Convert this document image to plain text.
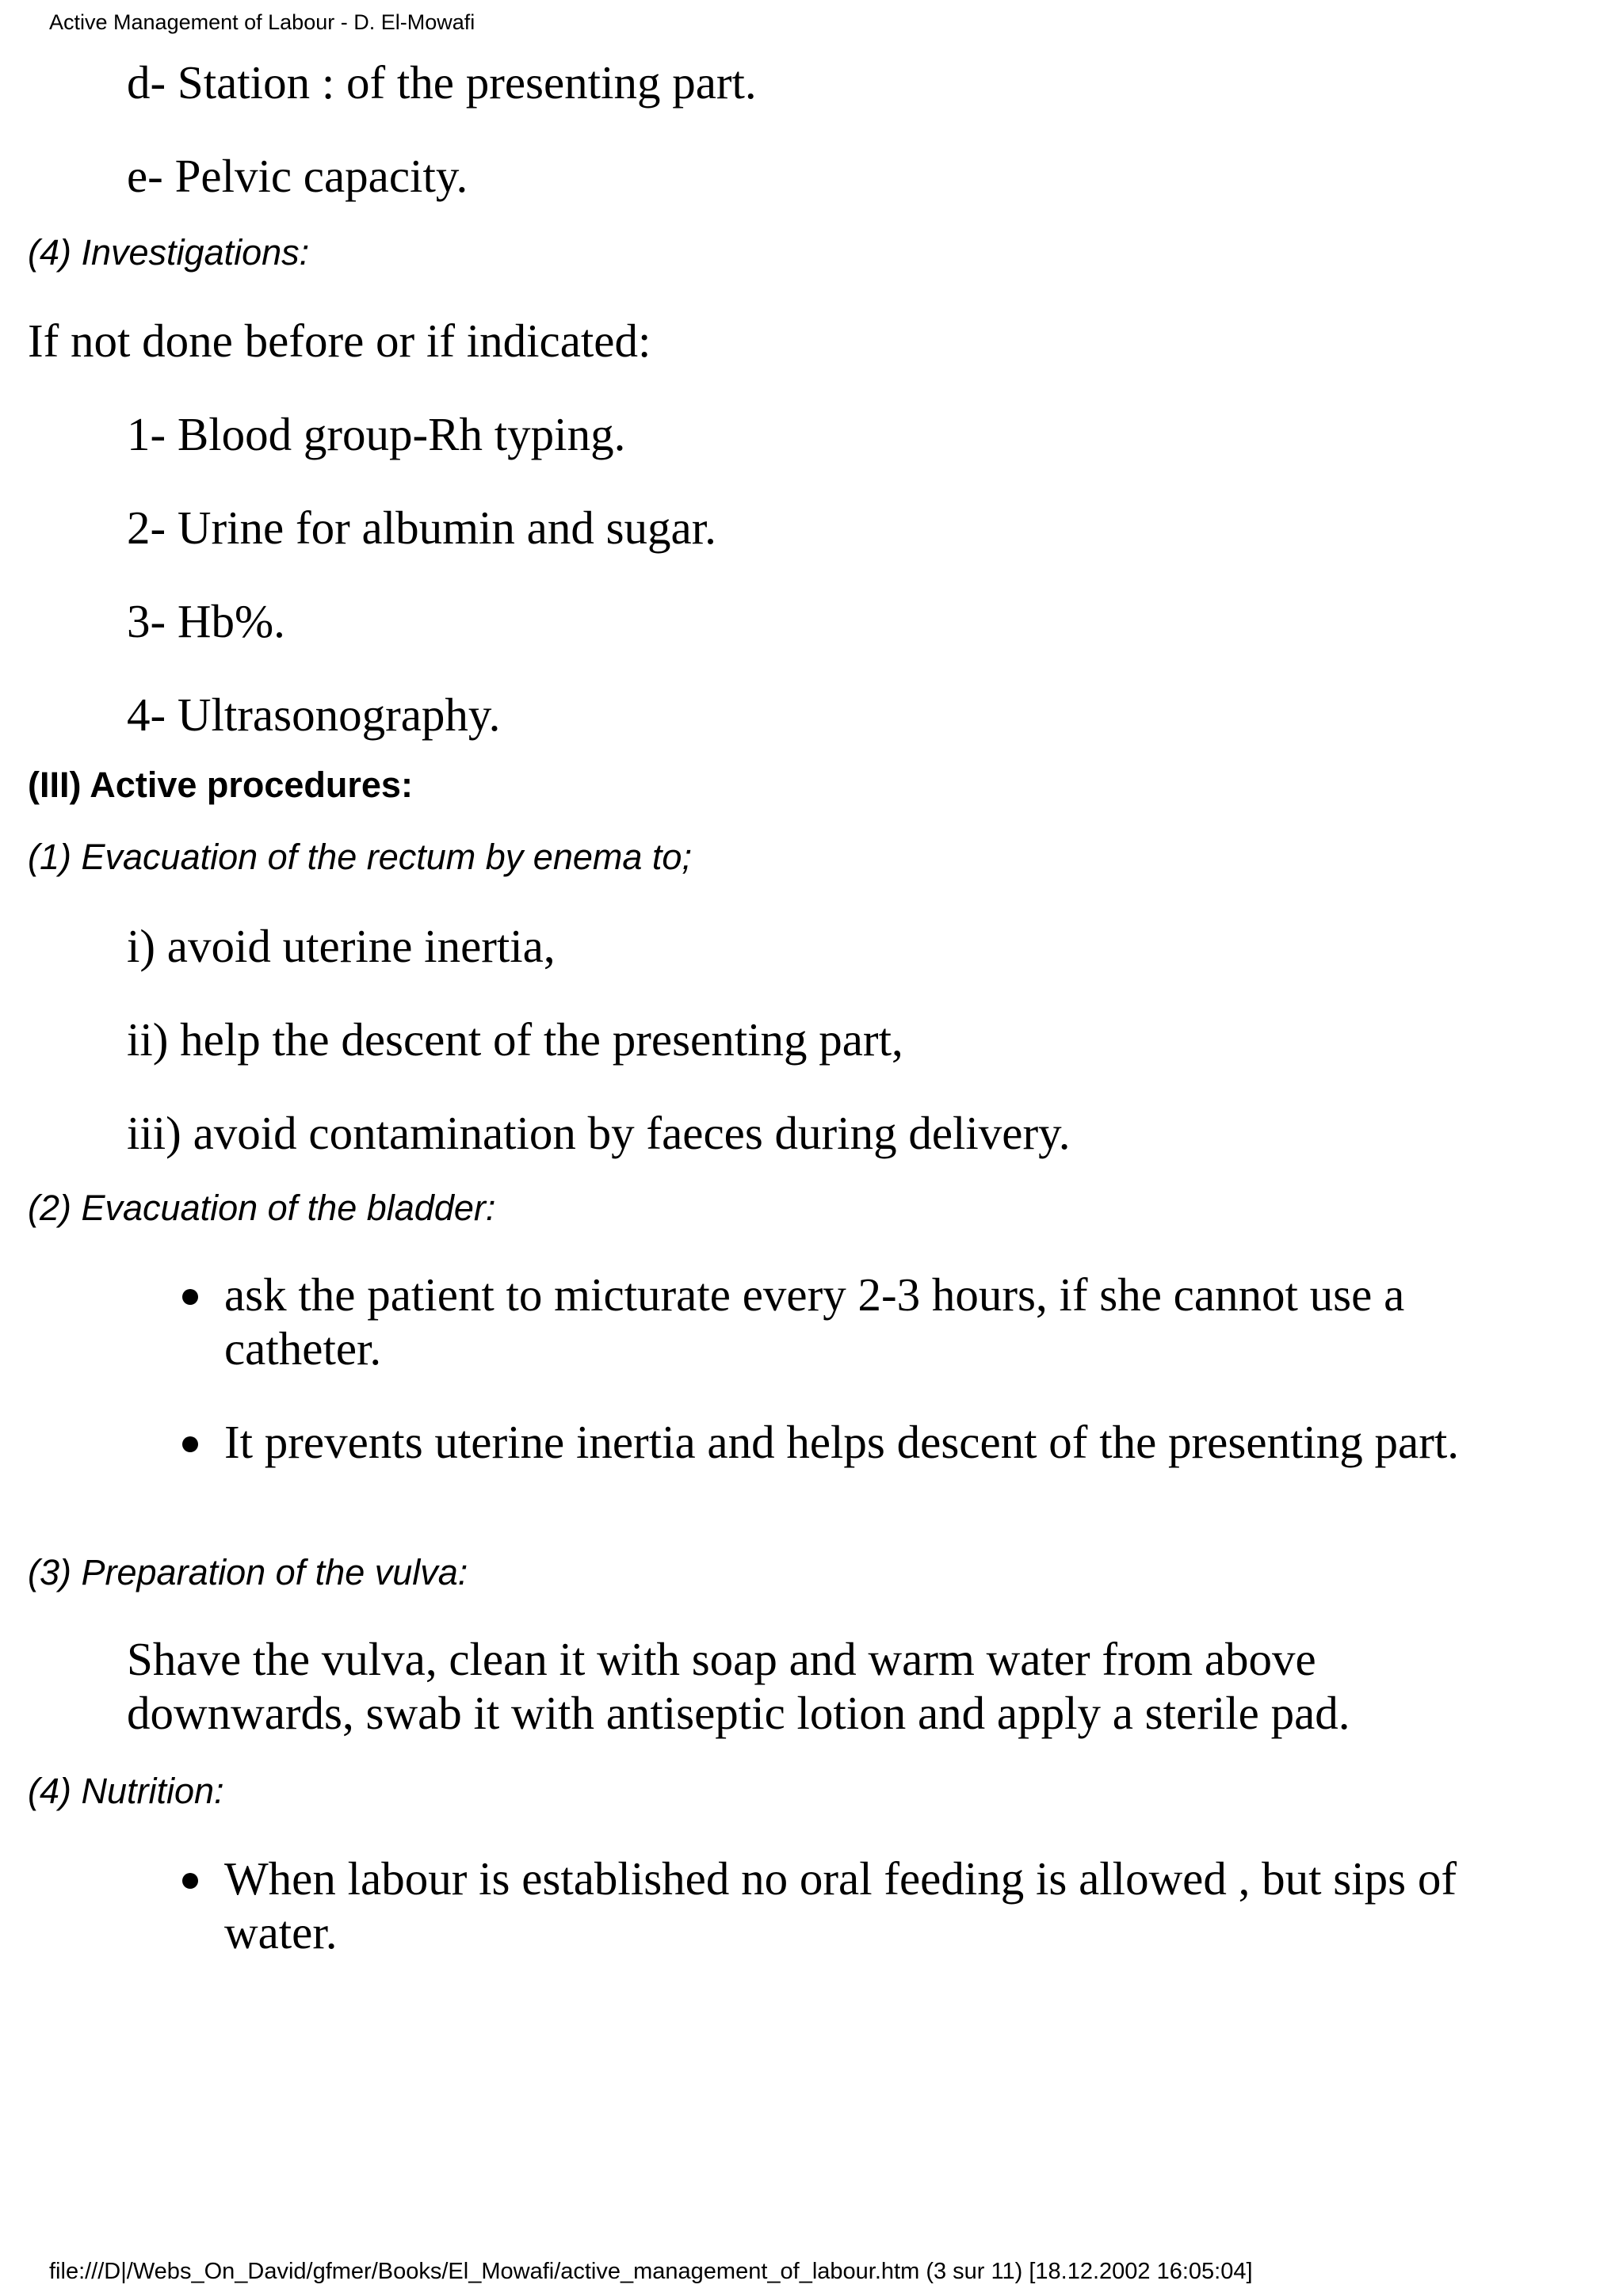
Active Management of Labour - D. El-Mowafi

d- Station : of the presenting part.

e- Pelvic capacity.

(4) Investigations:

If not done before or if indicated:

1- Blood group-Rh typing.

2- Urine for albumin and sugar.

3- Hb%.

4- Ultrasonography.

(III) Active procedures:

(1) Evacuation of the rectum by enema to;

i) avoid uterine inertia,

ii) help the descent of the presenting part,

iii) avoid contamination by faeces during delivery.

(2) Evacuation of the bladder:

ask the patient to micturate every 2-3 hours, if she cannot use a catheter.
It prevents uterine inertia and helps descent of the presenting part.

(3) Preparation of the vulva:

Shave the vulva, clean it with soap and warm water from above downwards, swab it with antiseptic lotion and apply a sterile pad.

(4) Nutrition:

When labour is established no oral feeding is allowed , but sips of water.
file:///D|/Webs_On_David/gfmer/Books/El_Mowafi/active_management_of_labour.htm (3 sur 11) [18.12.2002 16:05:04]
